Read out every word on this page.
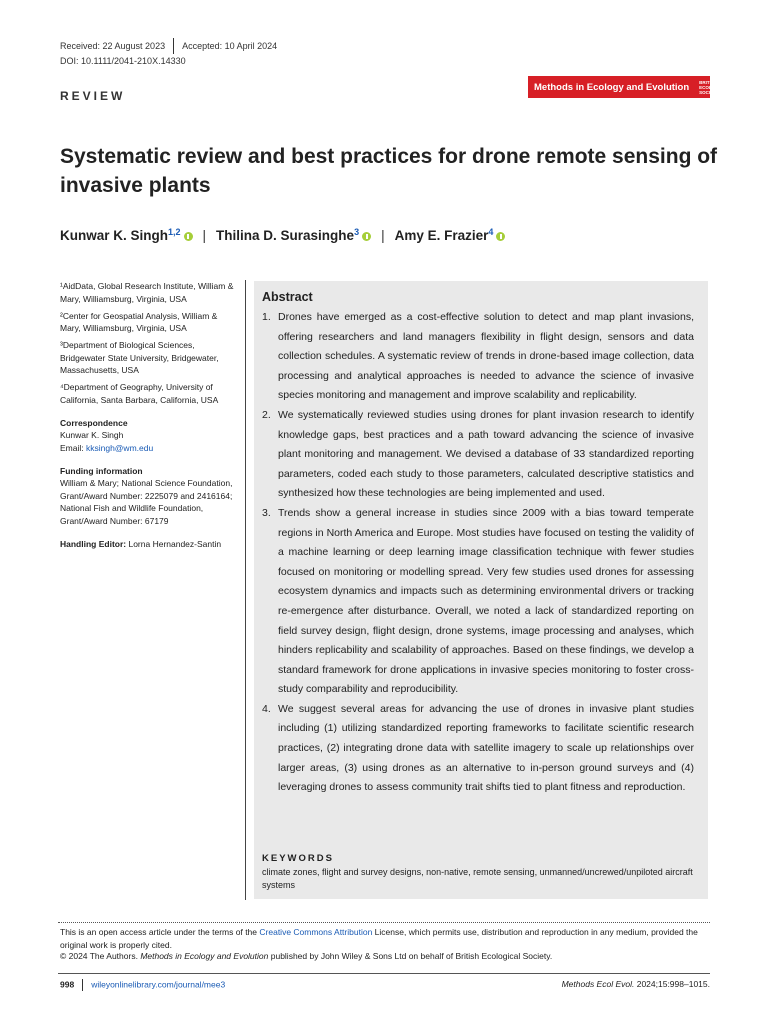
Received: 22 August 2023 Accepted: 10 April 2024
DOI: 10.1111/2041-210X.14330
REVIEW
Methods in Ecology and Evolution BRITISH ECOLOGICAL SOCIETY
Systematic review and best practices for drone remote sensing of invasive plants
Kunwar K. Singh$^{1,2}$ | Thilina D. Surasinghe$^3$ | Amy E. Frazier$^4$

¹AidData, Global Research Institute, William & Mary, Williamsburg, Virginia, USA

²Center for Geospatial Analysis, William & Mary, Williamsburg, Virginia, USA

³Department of Biological Sciences, Bridgewater State University, Bridgewater, Massachusetts, USA

⁴Department of Geography, University of California, Santa Barbara, California, USA

Correspondence

Kunwar K. Singh

Email: kksingh@wm.edu

Funding information

William & Mary; National Science Foundation, Grant/Award Number: 2225079 and 2416164; National Fish and Wildlife Foundation, Grant/Award Number: 67179

Handling Editor: Lorna Hernandez-Santin

Abstract
1. Drones have emerged as a cost-effective solution to detect and map plant invasions, offering researchers and land managers flexibility in flight design, sensors and data collection schedules. A systematic review of trends in drone-based image collection, data processing and analytical approaches is needed to advance the science of invasive species monitoring and management and improve scalability and replicability.
2. We systematically reviewed studies using drones for plant invasion research to identify knowledge gaps, best practices and a path toward advancing the science of invasive plant monitoring and management. We devised a database of 33 standardized reporting parameters, coded each study to those parameters, calculated descriptive statistics and synthesized how these technologies are being implemented and used.
3. Trends show a general increase in studies since 2009 with a bias toward temperate regions in North America and Europe. Most studies have focused on testing the validity of a machine learning or deep learning image classification technique with fewer studies focused on monitoring or modelling spread. Very few studies used drones for assessing ecosystem dynamics and impacts such as determining environmental drivers or tracking re-emergence after disturbance. Overall, we noted a lack of standardized reporting on field survey design, flight design, drone systems, image processing and analyses, which hinders replicability and scalability of approaches. Based on these findings, we develop a standard framework for drone applications in invasive species monitoring to foster cross-study comparability and reproducibility.
4. We suggest several areas for advancing the use of drones in invasive plant studies including (1) utilizing standardized reporting frameworks to facilitate scientific research practices, (2) integrating drone data with satellite imagery to scale up relationships over larger areas, (3) using drones as an alternative to in-person ground surveys and (4) leveraging drones to assess community trait shifts tied to plant fitness and reproduction.
KEYWORDS
climate zones, flight and survey designs, non-native, remote sensing, unmanned/uncrewed/unpiloted aircraft systems
This is an open access article under the terms of the Creative Commons Attribution License, which permits use, distribution and reproduction in any medium, provided the original work is properly cited.
© 2024 The Authors. Methods in Ecology and Evolution published by John Wiley & Sons Ltd on behalf of British Ecological Society.
998 wileyonlinelibrary.com/journal/mee3	Methods Ecol Evol. 2024;15:998–1015.
